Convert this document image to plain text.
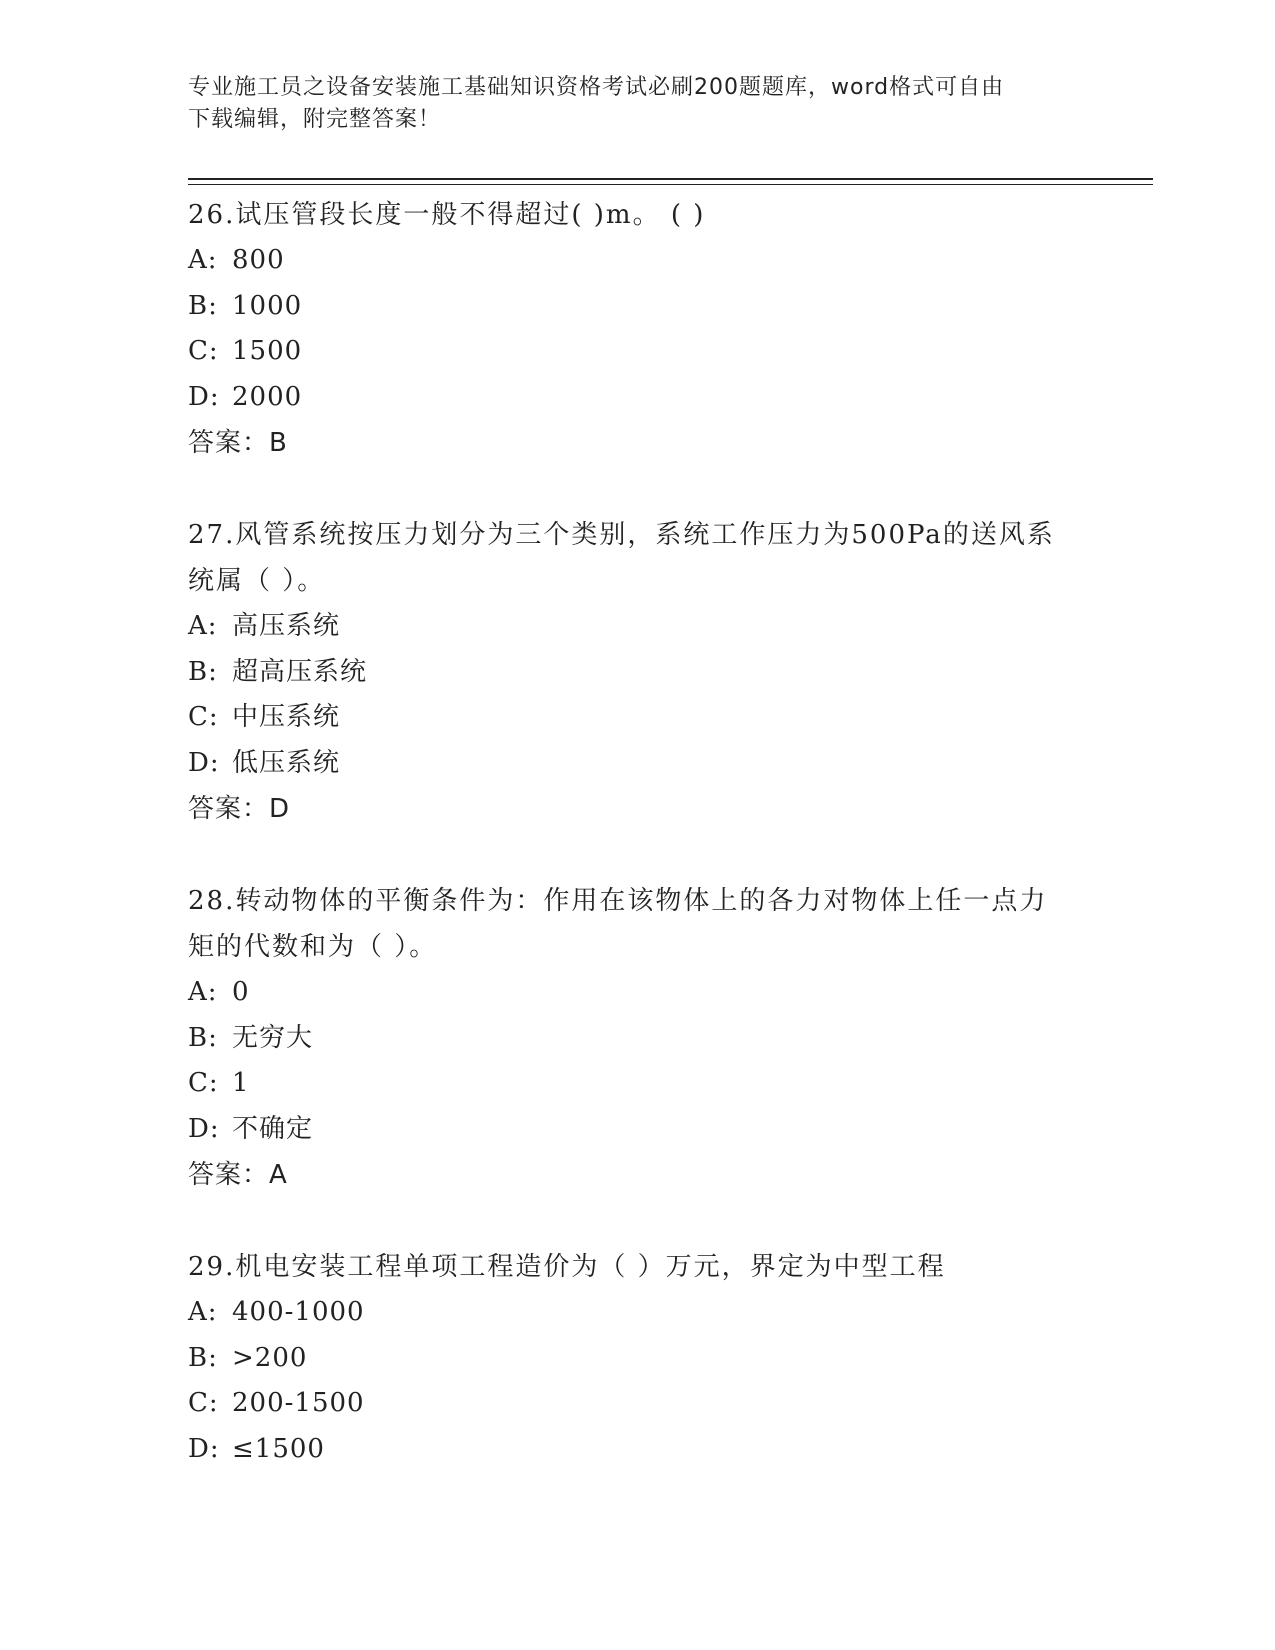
专业施工员之设备安装施工基础知识资格考试必刷200题题库，word格式可自由
下载编辑，附完整答案！
26.试压管段长度一般不得超过( )m。 ( )
A: 800
B: 1000
C: 1500
D: 2000
答案：B
27.风管系统按压力划分为三个类别，系统工作压力为500Pa的送风系
统属（ ）。
A: 高压系统
B: 超高压系统
C: 中压系统
D: 低压系统
答案：D
28.转动物体的平衡条件为：作用在该物体上的各力对物体上任一点力
矩的代数和为（ ）。
A: 0
B: 无穷大
C: 1
D: 不确定
答案：A
29.机电安装工程单项工程造价为（ ）万元，界定为中型工程
A: 400-1000
B: >200
C: 200-1500
D: ≤1500
